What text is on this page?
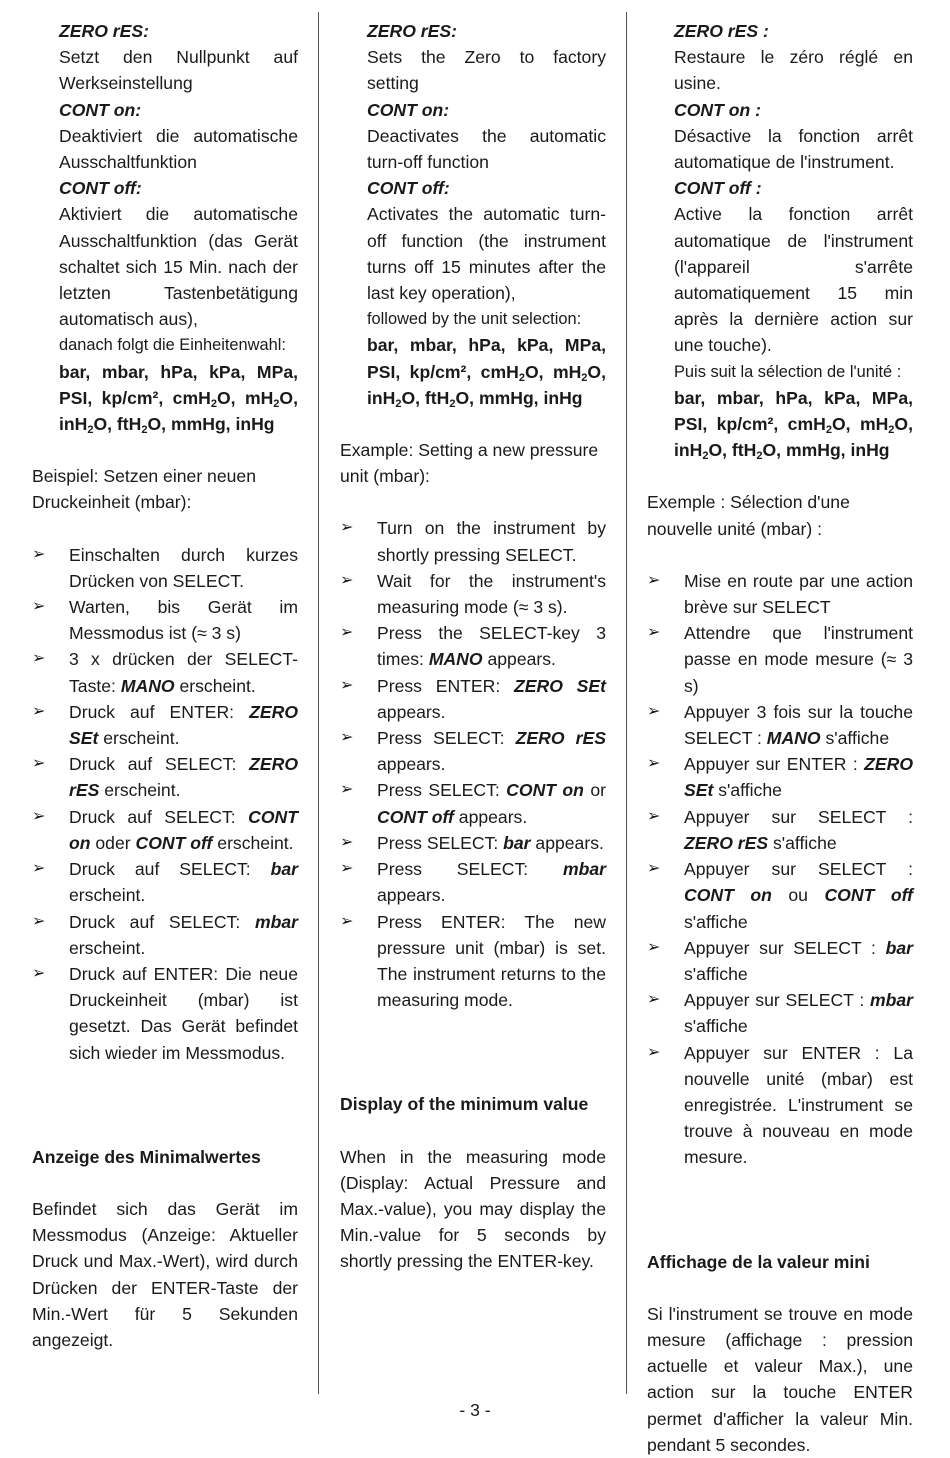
ZERO rES:

Setzt den Nullpunkt auf Werkseinstellung

CONT on:

Deaktiviert die automatische Ausschaltfunktion

CONT off:

Aktiviert die automatische Ausschaltfunktion (das Gerät schaltet sich 15 Min. nach der letzten Tastenbetätigung automatisch aus),

danach folgt die Einheitenwahl:

bar, mbar, hPa, kPa, MPa, PSI, kp/cm², cmH$_2$O, $mH_2O$, inH$_2$O, ftH$_2$O, mmHg, inHg

Beispiel: Setzen einer neuen Druckeinheit (mbar):

➢	Einschalten durch kurzes Drücken von SELECT.
➢	Warten, bis Gerät im Messmodus ist (≈ 3 s)
➢	3 x drücken der SELECT-Taste: MANO erscheint.
➢	Druck auf ENTER: ZERO SEt erscheint.
➢	Druck auf SELECT: ZERO rES erscheint.
➢	Druck auf SELECT: CONT on oder CONT off erscheint.
➢	Druck auf SELECT: bar erscheint.
➢	Druck auf SELECT: mbar erscheint.
➢	Druck auf ENTER: Die neue Druckeinheit (mbar) ist gesetzt. Das Gerät befindet sich wieder im Messmodus.
Anzeige des Minimalwertes

Befindet sich das Gerät im Messmodus (Anzeige: Aktueller Druck und Max.-Wert), wird durch Drücken der ENTER-Taste der Min.-Wert für 5 Sekunden angezeigt.

ZERO rES:

Sets the Zero to factory setting

CONT on:

Deactivates the automatic turn-off function

CONT off:

Activates the automatic turn-off function (the instrument turns off 15 minutes after the last key operation),

followed by the unit selection:

bar, mbar, hPa, kPa, MPa, PSI, kp/cm², cmH$_2$O, $mH_2O$, inH$_2$O, ftH$_2$O, mmHg, inHg

Example: Setting a new pressure unit (mbar):

➢	Turn on the instrument by shortly pressing SELECT.
➢	Wait for the instrument's measuring mode (≈ 3 s).
➢	Press the SELECT-key 3 times: MANO appears.
➢	Press ENTER: ZERO SEt appears.
➢	Press SELECT: ZERO rES appears.
➢	Press SELECT: CONT on or CONT off appears.
➢	Press SELECT: bar appears.
➢	Press SELECT: mbar appears.
➢	Press ENTER: The new pressure unit (mbar) is set. The instrument returns to the measuring mode.
Display of the minimum value

When in the measuring mode (Display: Actual Pressure and Max.-value), you may display the Min.-value for 5 seconds by shortly pressing the ENTER-key.

ZERO rES :

Restaure le zéro réglé en usine.

CONT on :

Désactive la fonction arrêt automatique de l'instrument.

CONT off :

Active la fonction arrêt automatique de l'instrument (l'appareil s'arrête automatiquement 15 min après la dernière action sur une touche).

Puis suit la sélection de l'unité :

bar, mbar, hPa, kPa, MPa, PSI, kp/cm², cmH$_2$O, $mH_2O$, inH$_2$O, ftH$_2$O, mmHg, inHg

Exemple : Sélection d'une nouvelle unité (mbar) :

➢	Mise en route par une action brève sur SELECT
➢	Attendre que l'instrument passe en mode mesure (≈ 3 s)
➢	Appuyer 3 fois sur la touche SELECT : MANO s'affiche
➢	Appuyer sur ENTER : ZERO SEt s'affiche
➢	Appuyer sur SELECT : ZERO rES s'affiche
➢	Appuyer sur SELECT : CONT on ou CONT off s'affiche
➢	Appuyer sur SELECT : bar s'affiche
➢	Appuyer sur SELECT : mbar s'affiche
➢	Appuyer sur ENTER : La nouvelle unité (mbar) est enregistrée. L'instrument se trouve à nouveau en mode mesure.
Affichage de la valeur mini

Si l'instrument se trouve en mode mesure (affichage : pression actuelle et valeur Max.), une action sur la touche ENTER permet d'afficher la valeur Min. pendant 5 secondes.

- 3 -
